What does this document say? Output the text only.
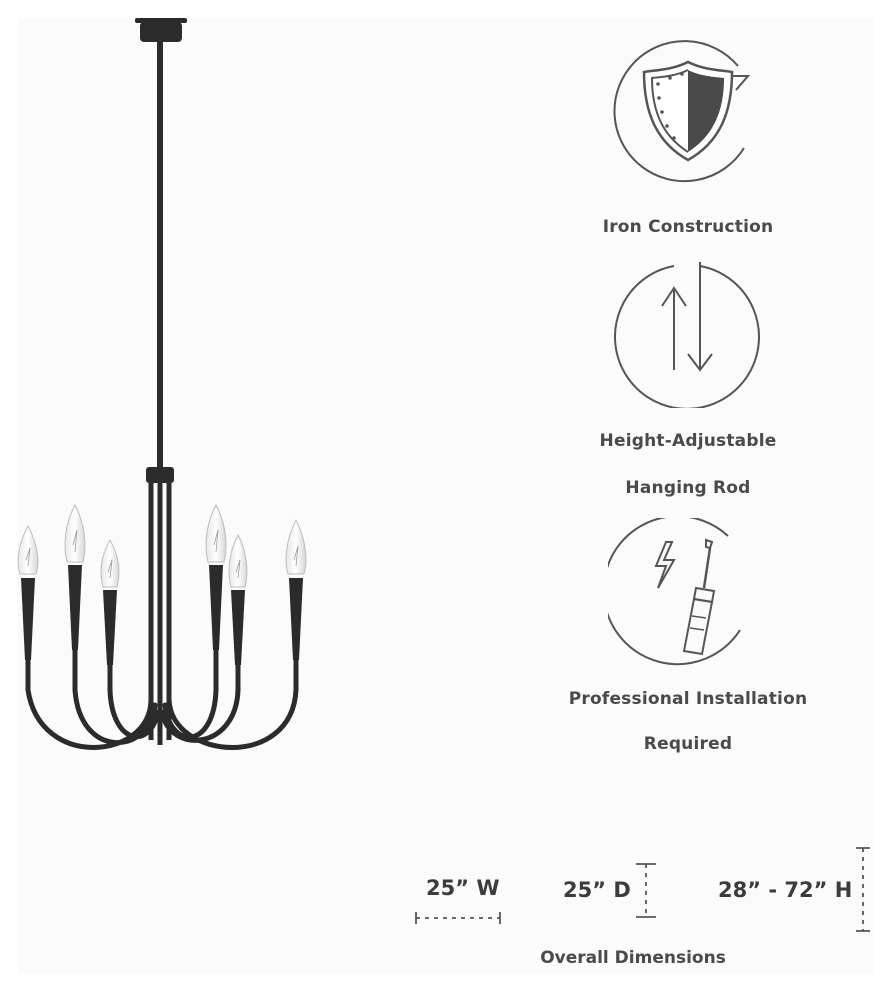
Iron Construction
Height-Adjustable
Hanging Rod
Professional Installation
Required
25” W	25” D	28” - 72” H
Overall Dimensions
